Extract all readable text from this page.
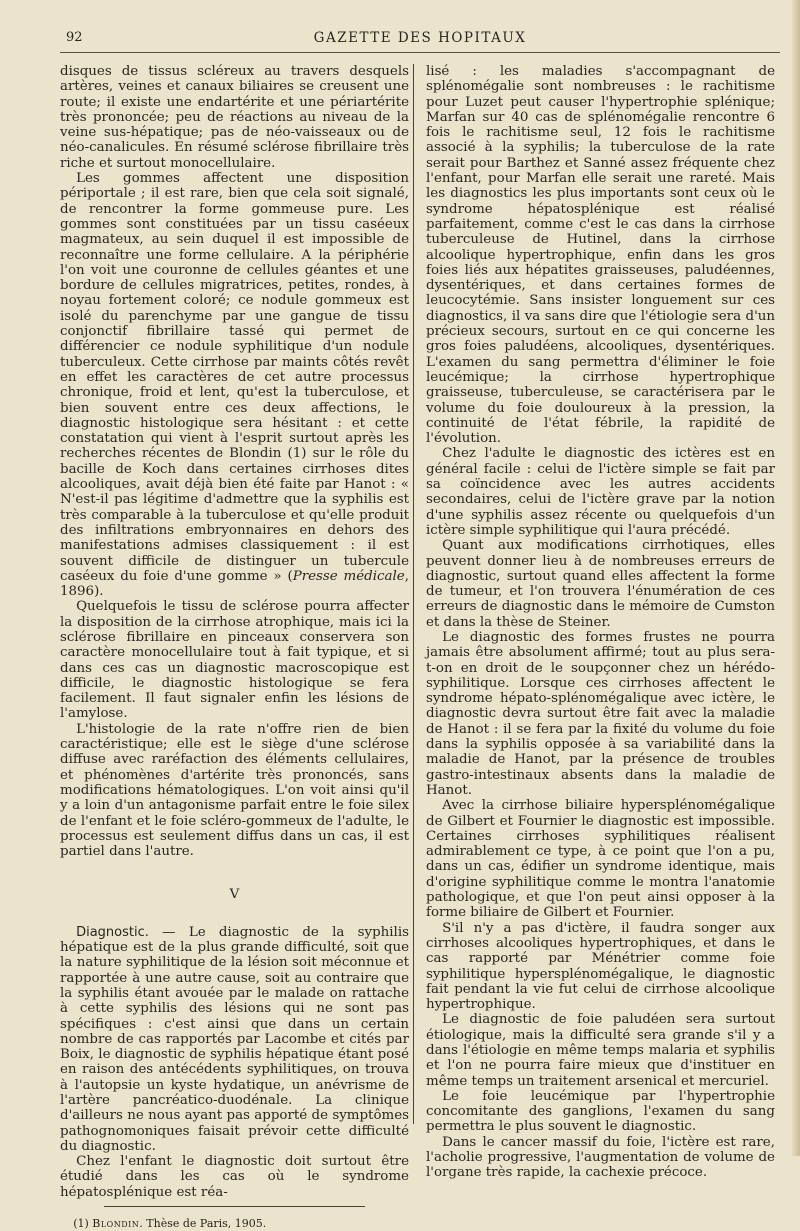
92	GAZETTE DES HOPITAUX

disques de tissus scléreux au travers desquels artères, veines et canaux biliaires se creusent une route; il existe une endartérite et une périartérite très prononcée; peu de réactions au niveau de la veine sus-hépatique; pas de néo-vaisseaux ou de néo-canalicules. En résumé sclérose fibrillaire très riche et surtout monocellulaire.

Les gommes affectent une disposition périportale ; il est rare, bien que cela soit signalé, de rencontrer la forme gommeuse pure. Les gommes sont constituées par un tissu caséeux magmateux, au sein duquel il est impossible de reconnaître une forme cellulaire. A la périphérie l'on voit une couronne de cellules géantes et une bordure de cellules migratrices, petites, rondes, à noyau fortement coloré; ce nodule gommeux est isolé du parenchyme par une gangue de tissu conjonctif fibrillaire tassé qui permet de différencier ce nodule syphilitique d'un nodule tuberculeux. Cette cirrhose par maints côtés revêt en effet les caractères de cet autre processus chronique, froid et lent, qu'est la tuberculose, et bien souvent entre ces deux affections, le diagnostic histologique sera hésitant : et cette constatation qui vient à l'esprit surtout après les recherches récentes de Blondin (1) sur le rôle du bacille de Koch dans certaines cirrhoses dites alcooliques, avait déjà bien été faite par Hanot : « N'est-il pas légitime d'admettre que la syphilis est très comparable à la tuberculose et qu'elle produit des infiltrations embryonnaires en dehors des manifestations admises classiquement : il est souvent difficile de distinguer un tubercule caséeux du foie d'une gomme » (Presse médicale, 1896).

Quelquefois le tissu de sclérose pourra affecter la disposition de la cirrhose atrophique, mais ici la sclérose fibrillaire en pinceaux conservera son caractère monocellulaire tout à fait typique, et si dans ces cas un diagnostic macroscopique est difficile, le diagnostic histologique se fera facilement. Il faut signaler enfin les lésions de l'amylose.

L'histologie de la rate n'offre rien de bien caractéristique; elle est le siège d'une sclérose diffuse avec raréfaction des éléments cellulaires, et phénomènes d'artérite très prononcés, sans modifications hématologiques. L'on voit ainsi qu'il y a loin d'un antagonisme parfait entre le foie silex de l'enfant et le foie scléro-gommeux de l'adulte, le processus est seulement diffus dans un cas, il est partiel dans l'autre.

V

Diagnostic. — Le diagnostic de la syphilis hépatique est de la plus grande difficulté, soit que la nature syphilitique de la lésion soit méconnue et rapportée à une autre cause, soit au contraire que la syphilis étant avouée par le malade on rattache à cette syphilis des lésions qui ne sont pas spécifiques : c'est ainsi que dans un certain nombre de cas rapportés par Lacombe et cités par Boix, le diagnostic de syphilis hépatique étant posé en raison des antécédents syphilitiques, on trouva à l'autopsie un kyste hydatique, un anévrisme de l'artère pancréatico-duodénale. La clinique d'ailleurs ne nous ayant pas apporté de symptômes pathognomoniques faisait prévoir cette difficulté du diagnostic.

Chez l'enfant le diagnostic doit surtout être étudié dans les cas où le syndrome hépatosplénique est réa-

(1) Blondin. Thèse de Paris, 1905.

lisé : les maladies s'accompagnant de splénomégalie sont nombreuses : le rachitisme pour Luzet peut causer l'hypertrophie splénique; Marfan sur 40 cas de splénomégalie rencontre 6 fois le rachitisme seul, 12 fois le rachitisme associé à la syphilis; la tuberculose de la rate serait pour Barthez et Sanné assez fréquente chez l'enfant, pour Marfan elle serait une rareté. Mais les diagnostics les plus importants sont ceux où le syndrome hépatosplénique est réalisé parfaitement, comme c'est le cas dans la cirrhose tuberculeuse de Hutinel, dans la cirrhose alcoolique hypertrophique, enfin dans les gros foies liés aux hépatites graisseuses, paludéennes, dysentériques, et dans certaines formes de leucocytémie. Sans insister longuement sur ces diagnostics, il va sans dire que l'étiologie sera d'un précieux secours, surtout en ce qui concerne les gros foies paludéens, alcooliques, dysentériques. L'examen du sang permettra d'éliminer le foie leucémique; la cirrhose hypertrophique graisseuse, tuberculeuse, se caractérisera par le volume du foie douloureux à la pression, la continuité de l'état fébrile, la rapidité de l'évolution.

Chez l'adulte le diagnostic des ictères est en général facile : celui de l'ictère simple se fait par sa coïncidence avec les autres accidents secondaires, celui de l'ictère grave par la notion d'une syphilis assez récente ou quelquefois d'un ictère simple syphilitique qui l'aura précédé.

Quant aux modifications cirrhotiques, elles peuvent donner lieu à de nombreuses erreurs de diagnostic, surtout quand elles affectent la forme de tumeur, et l'on trouvera l'énumération de ces erreurs de diagnostic dans le mémoire de Cumston et dans la thèse de Steiner.

Le diagnostic des formes frustes ne pourra jamais être absolument affirmé; tout au plus sera-t-on en droit de le soupçonner chez un hérédo-syphilitique. Lorsque ces cirrhoses affectent le syndrome hépato-splénomégalique avec ictère, le diagnostic devra surtout être fait avec la maladie de Hanot : il se fera par la fixité du volume du foie dans la syphilis opposée à sa variabilité dans la maladie de Hanot, par la présence de troubles gastro-intestinaux absents dans la maladie de Hanot.

Avec la cirrhose biliaire hypersplénomégalique de Gilbert et Fournier le diagnostic est impossible. Certaines cirrhoses syphilitiques réalisent admirablement ce type, à ce point que l'on a pu, dans un cas, édifier un syndrome identique, mais d'origine syphilitique comme le montra l'anatomie pathologique, et que l'on peut ainsi opposer à la forme biliaire de Gilbert et Fournier.

S'il n'y a pas d'ictère, il faudra songer aux cirrhoses alcooliques hypertrophiques, et dans le cas rapporté par Ménétrier comme foie syphilitique hypersplénomégalique, le diagnostic fait pendant la vie fut celui de cirrhose alcoolique hypertrophique.

Le diagnostic de foie paludéen sera surtout étiologique, mais la difficulté sera grande s'il y a dans l'étiologie en même temps malaria et syphilis et l'on ne pourra faire mieux que d'instituer en même temps un traitement arsenical et mercuriel.

Le foie leucémique par l'hypertrophie concomitante des ganglions, l'examen du sang permettra le plus souvent le diagnostic.

Dans le cancer massif du foie, l'ictère est rare, l'acholie progressive, l'augmentation de volume de l'organe très rapide, la cachexie précoce.
